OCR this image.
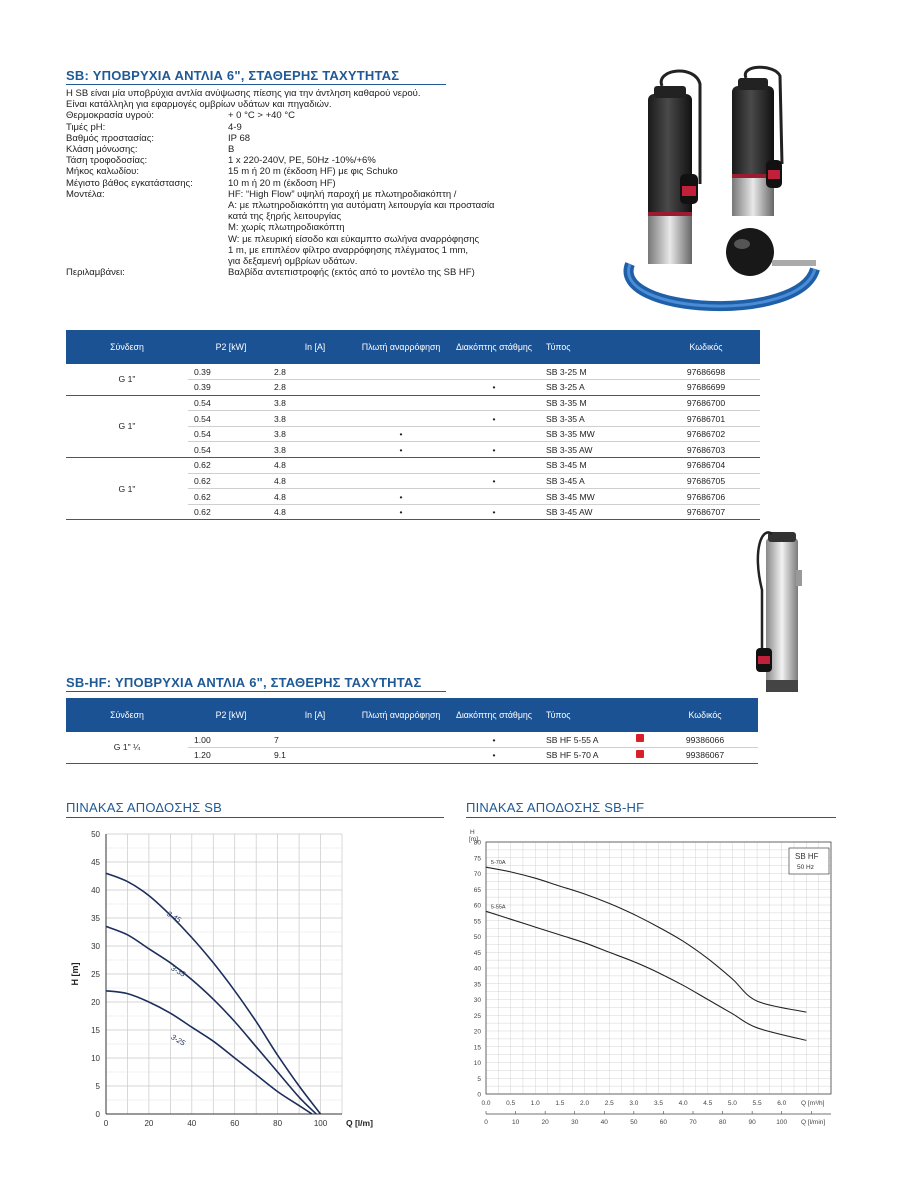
SB: ΥΠΟΒΡΥΧΙΑ ΑΝΤΛΙΑ 6", ΣΤΑΘΕΡΗΣ ΤΑΧΥΤΗΤΑΣ
Η SB είναι μία υποβρύχια αντλία ανύψωσης πίεσης για την άντληση καθαρού νερού.
Είναι κατάλληλη για εφαρμογές ομβρίων υδάτων και πηγαδιών.
Θερμοκρασία υγρού:	+ 0 °C > +40 °C
Τιμές pH:	4-9
Βαθμός προστασίας:	IP 68
Κλάση μόνωσης:	B
Τάση τροφοδοσίας:	1 x 220-240V, PE, 50Hz -10%/+6%
Μήκος καλωδίου:	15 m ή 20 m (έκδοση HF) με φις Schuko
Μέγιστο βάθος εγκατάστασης:	10 m ή 20 m (έκδοση HF)
Μοντέλα:	HF: “High Flow” υψηλή παροχή με πλωτηροδιακόπτη /
A: με πλωτηροδιακόπτη για αυτόματη λειτουργία και προστασία
κατά της ξηρής λειτουργίας
M: χωρίς πλωτηροδιακόπτη
W: με πλευρική είσοδο και εύκαμπτο σωλήνα αναρρόφησης
1 m, με επιπλέον φίλτρο αναρρόφησης πλέγματος 1 mm,
για δεξαμενή ομβρίων υδάτων.
Περιλαμβάνει:	Βαλβίδα αντεπιστροφής (εκτός από το μοντέλο της SB HF)
Σύνδεση	P2 [kW]	In [A]	Πλωτή αναρρόφηση	Διακόπτης στάθμης	Τύπος	Κωδικός
G 1"	0.39	2.8			SB 3-25 M	97686698
	0.39	2.8		•	SB 3-25 A	97686699
G 1"	0.54	3.8			SB 3-35 M	97686700
	0.54	3.8		•	SB 3-35 A	97686701
	0.54	3.8	•		SB 3-35 MW	97686702
	0.54	3.8	•	•	SB 3-35 AW	97686703
G 1"	0.62	4.8			SB 3-45 M	97686704
	0.62	4.8		•	SB 3-45 A	97686705
	0.62	4.8	•		SB 3-45 MW	97686706
	0.62	4.8	•	•	SB 3-45 AW	97686707
SB-HF: ΥΠΟΒΡΥΧΙΑ ΑΝΤΛΙΑ 6", ΣΤΑΘΕΡΗΣ ΤΑΧΥΤΗΤΑΣ
Σύνδεση	P2 [kW]	In [A]	Πλωτή αναρρόφηση	Διακόπτης στάθμης	Τύπος	Κωδικός
G 1" ¼	1.00	7		•	SB HF 5-55 A	99386066
	1.20	9.1		•	SB HF 5-70 A	99386067
ΠΙΝΑΚΑΣ ΑΠΟΔΟΣΗΣ SB	ΠΙΝΑΚΑΣ ΑΠΟΔΟΣΗΣ SB-HF
0
5
10
15
20
25
30
35
40
45
50
0	20	40	60	80	100
H [m]
Q [l/m]
3-45
3-35
3-25
0
5
10
15
20
25
30
35
40
45
50
55
60
65
70
75
80
H
[m]
0.0 0.5 1.0 1.5 2.0 2.5 3.0 3.5 4.0 4.5 5.0 5.5 6.0 Q [m³/h]
0	10	20	30	40	50	60	70	80	90	100 Q [l/min]
SB HF
50 Hz
5-70A
5-55A
